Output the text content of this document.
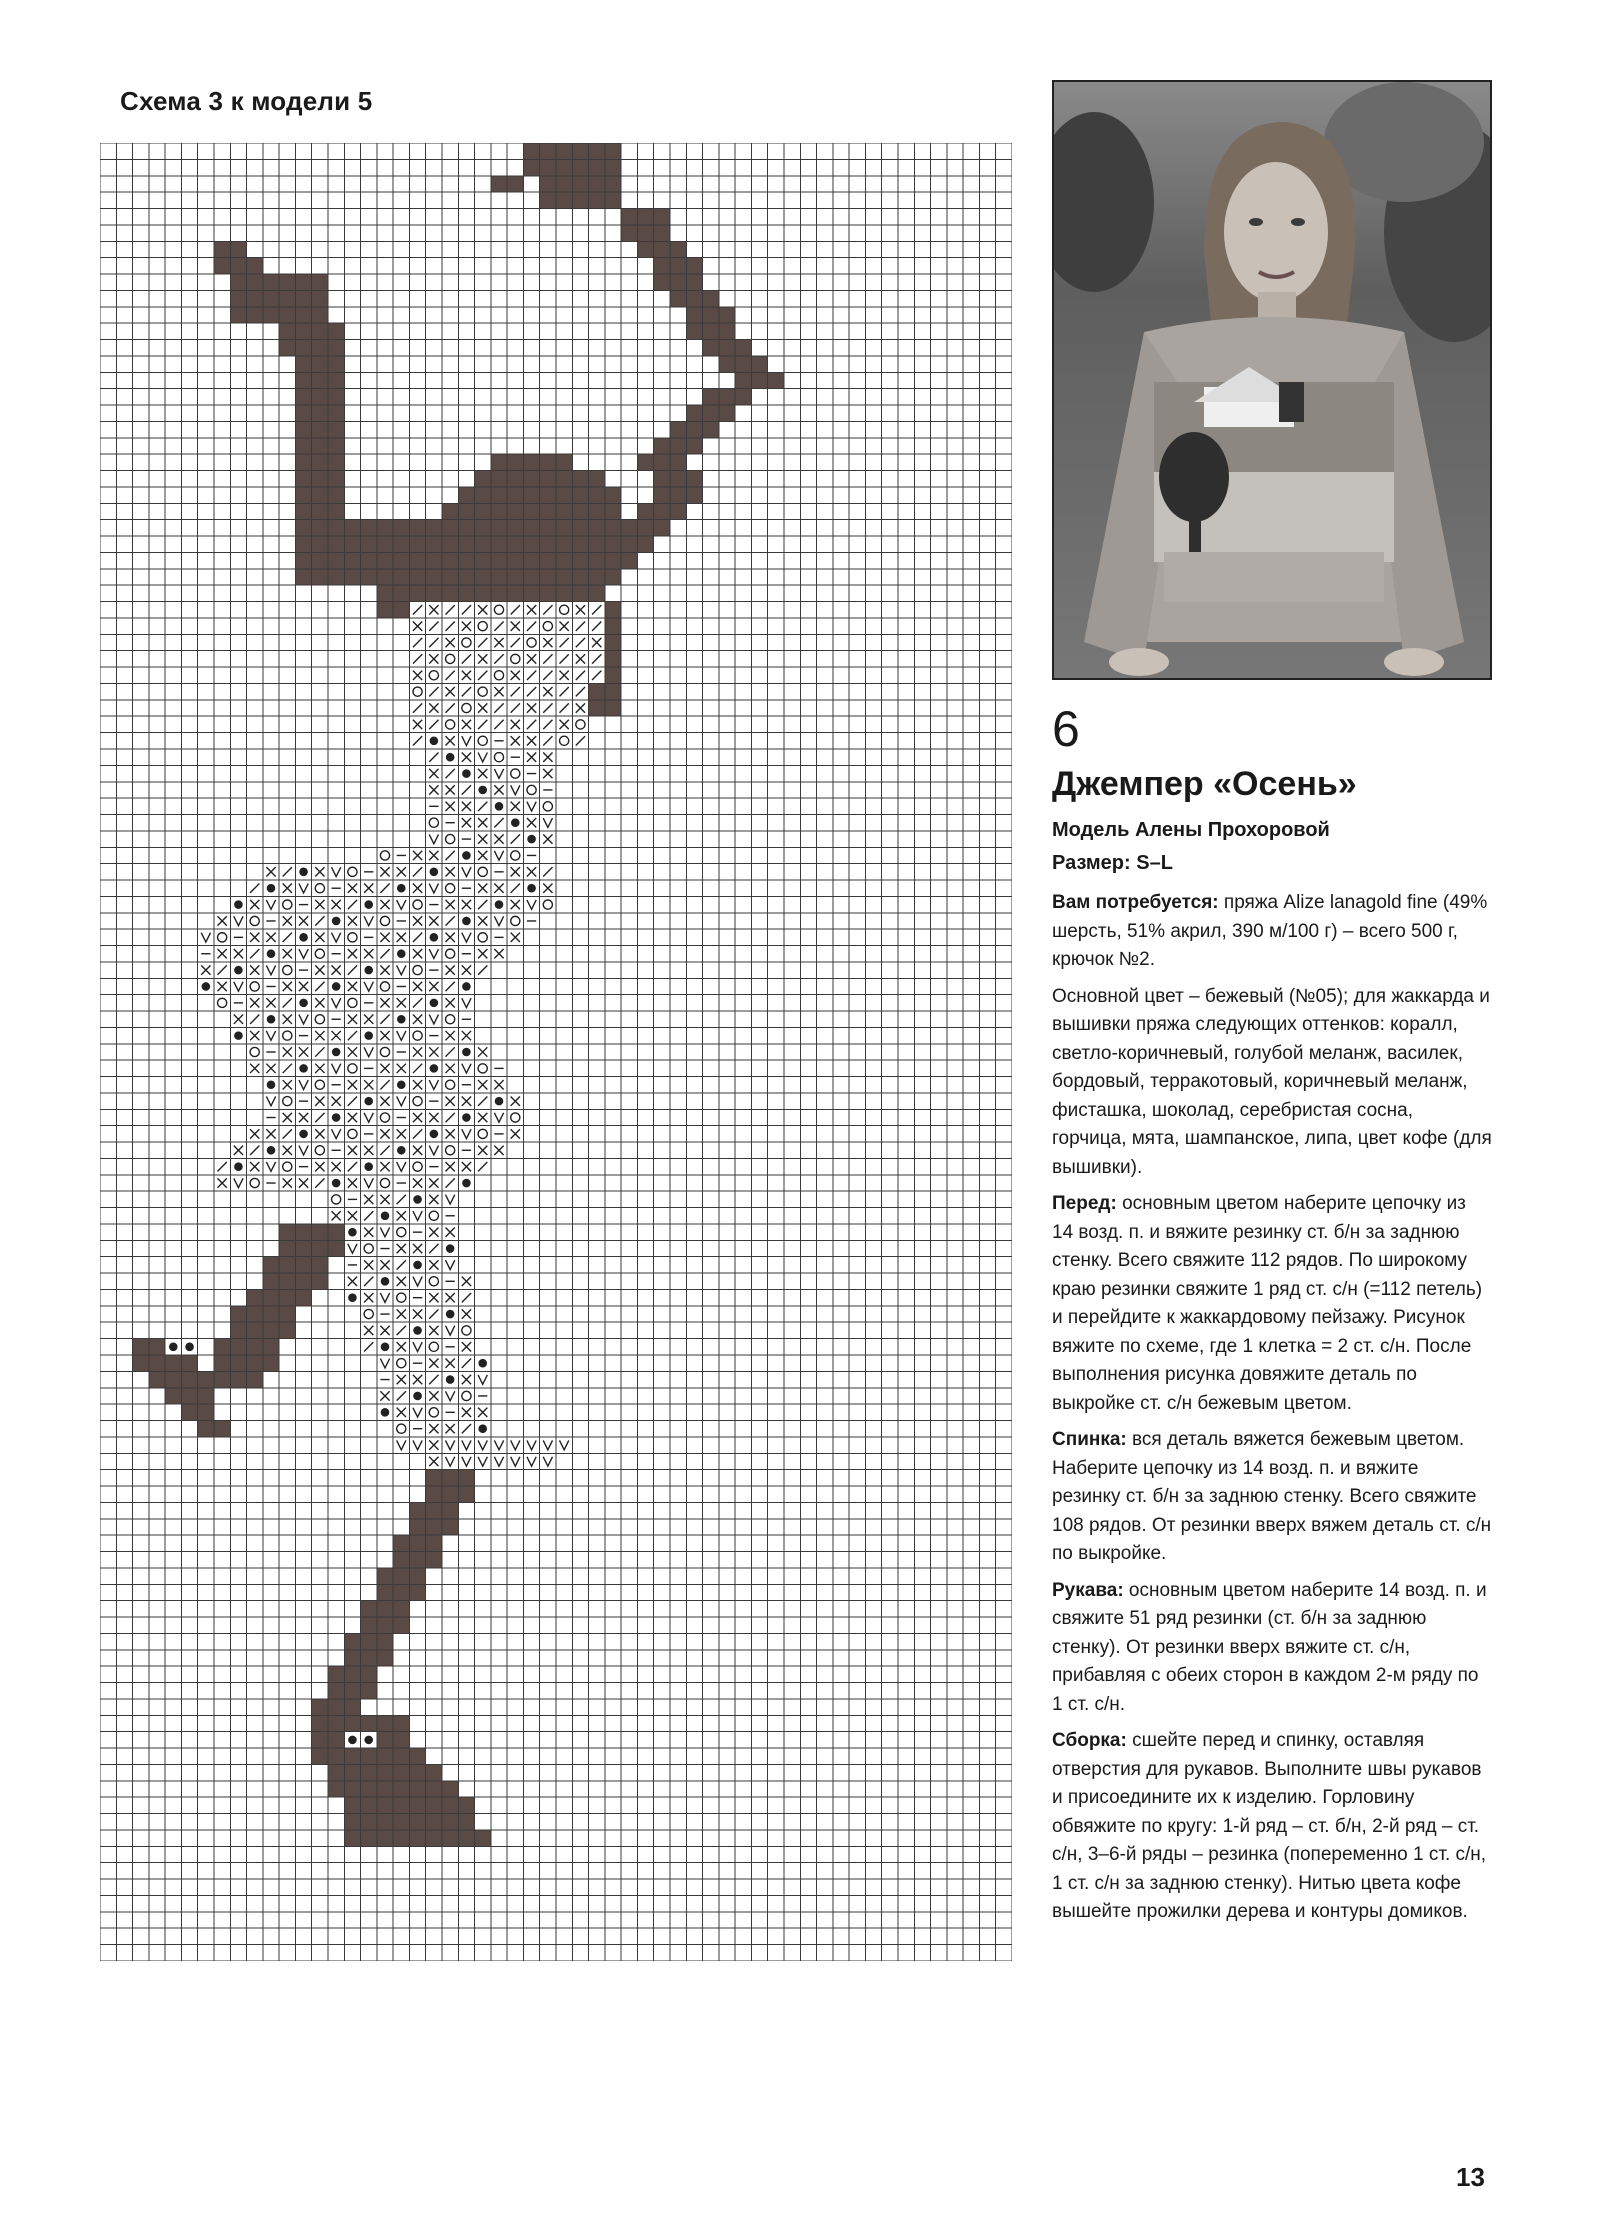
Схема 3 к модели 5
6
Джемпер «Осень»
Модель Алены Прохоровой
Размер: S–L

Вам потребуется: пряжа Alize lanagold fine (49% шерсть, 51% акрил, 390 м/100 г) – всего 500 г, крючок №2.

Основной цвет – бежевый (№05); для жаккарда и вышивки пряжа следующих оттенков: коралл, светло-коричневый, голубой меланж, василек, бордовый, терракотовый, коричневый меланж, фисташка, шоколад, серебристая сосна, горчица, мята, шампанское, липа, цвет кофе (для вышивки).

Перед: основным цветом наберите цепочку из 14 возд. п. и вяжите резинку ст. б/н за заднюю стенку. Всего свяжите 112 рядов. По широкому краю резинки свяжите 1 ряд ст. с/н (=112 петель) и перейдите к жаккардовому пейзажу. Рисунок вяжите по схеме, где 1 клетка = 2 ст. с/н. После выполнения рисунка довяжите деталь по выкройке ст. с/н бежевым цветом.

Спинка: вся деталь вяжется бежевым цветом. Наберите цепочку из 14 возд. п. и вяжите резинку ст. б/н за заднюю стенку. Всего свяжите 108 рядов. От резинки вверх вяжем деталь ст. с/н по выкройке.

Рукава: основным цветом наберите 14 возд. п. и свяжите 51 ряд резинки (ст. б/н за заднюю стенку). От резинки вверх вяжите ст. с/н, прибавляя с обеих сторон в каждом 2-м ряду по 1 ст. с/н.

Сборка: сшейте перед и спинку, оставляя отверстия для рукавов. Выполните швы рукавов и присоедините их к изделию. Горловину обвяжите по кругу: 1-й ряд – ст. б/н, 2-й ряд – ст. с/н, 3–6-й ряды – резинка (попеременно 1 ст. с/н, 1 ст. с/н за заднюю стенку). Нитью цвета кофе вышейте прожилки дерева и контуры домиков.

13
